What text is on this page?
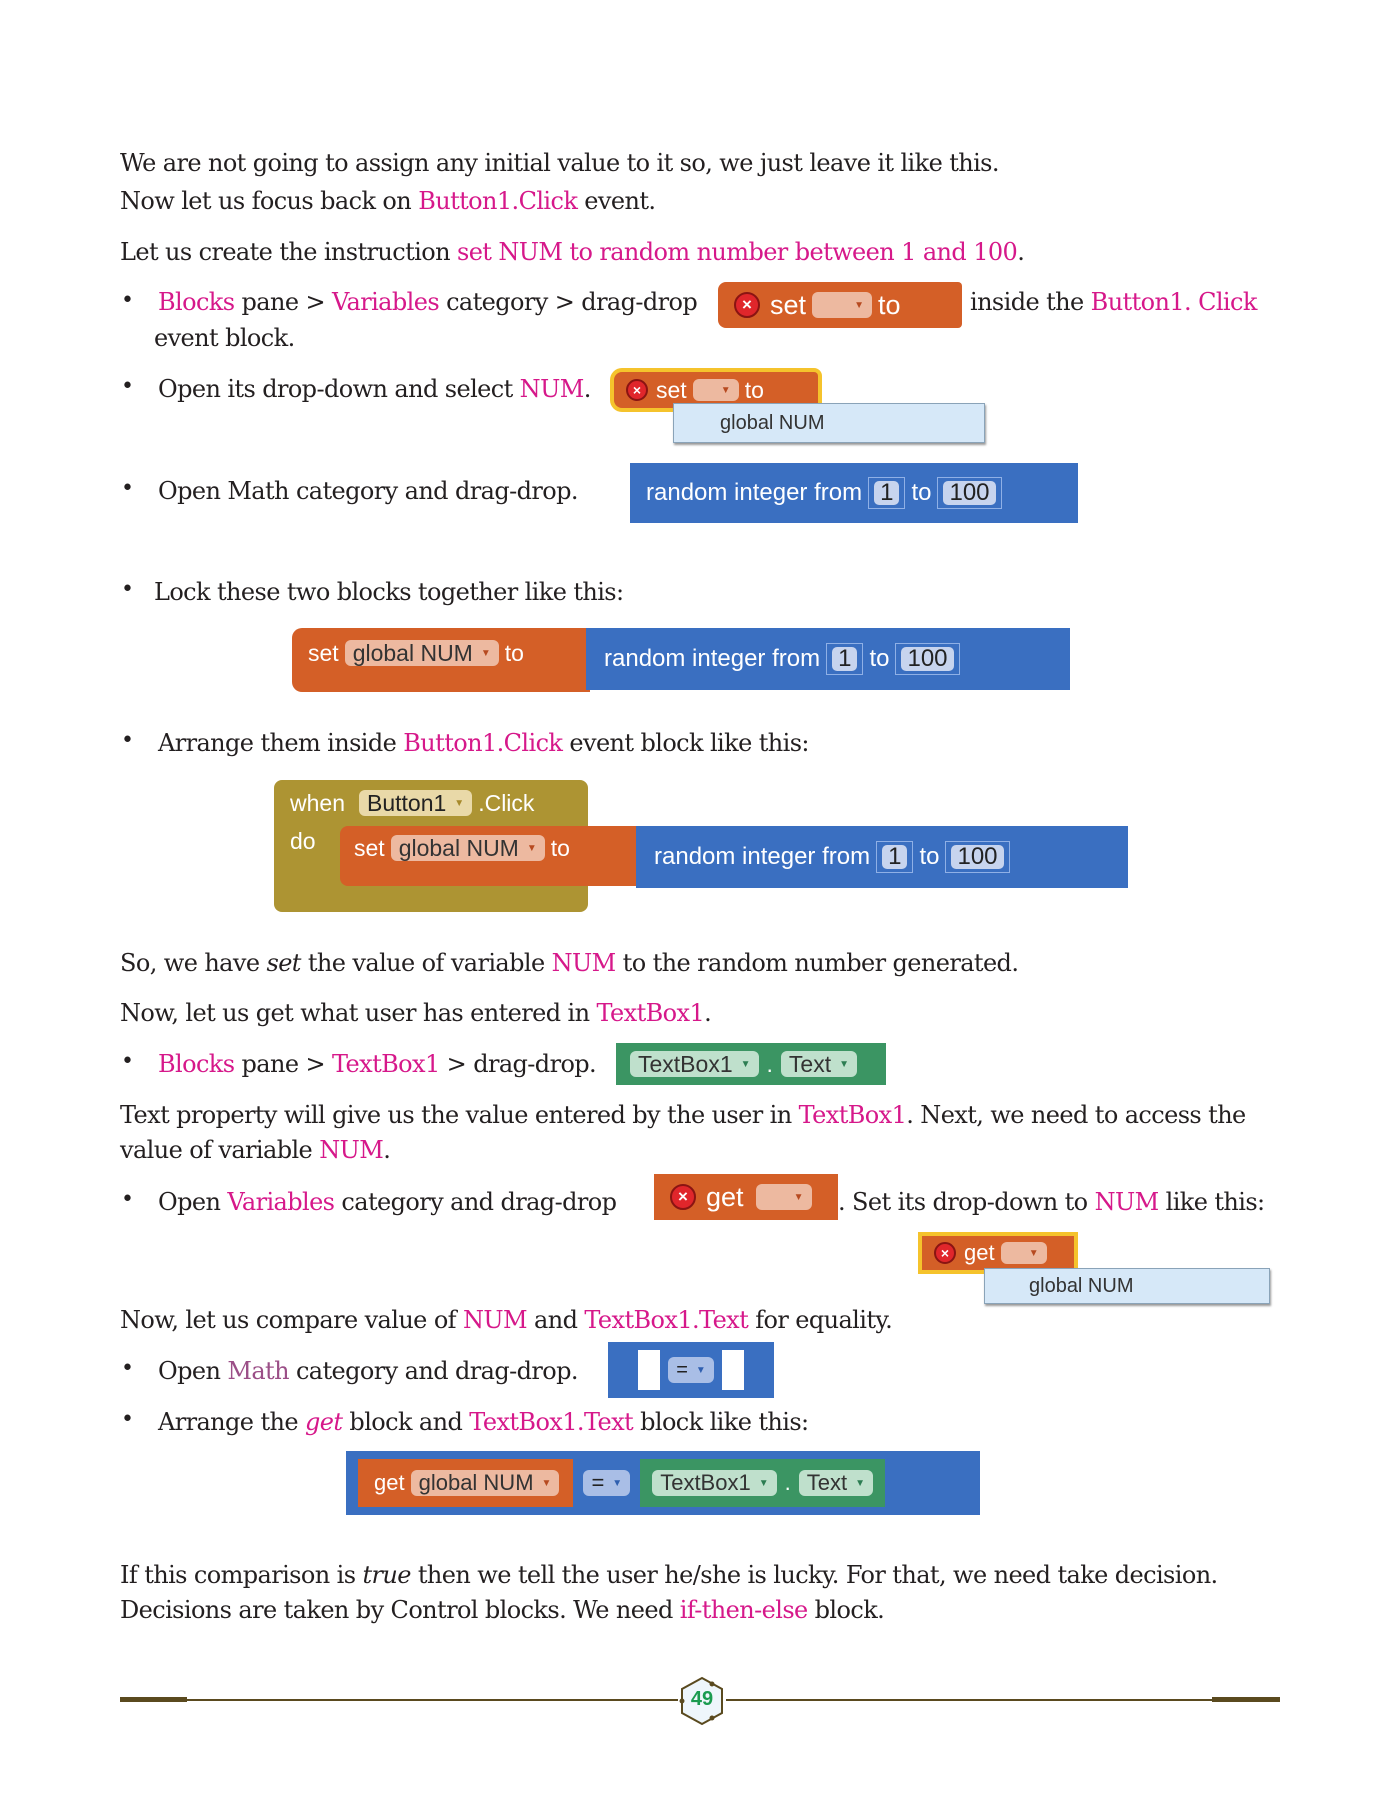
We are not going to assign any initial value to it so, we just leave it like this.
Now let us focus back on Button1.Click event.
Let us create the instruction set NUM to random number between 1 and 100.
• Blocks pane > Variables category > drag-drop	× set	▼ to	inside the Button1. Click
event block.
• Open its drop-down and select NUM.	× set	▼ to
global NUM
• Open Math category and drag-drop.	random integer from 1 to 100
• Lock these two blocks together like this:
set global NUM ▼ to	random integer from 1 to 100
• Arrange them inside Button1.Click event block like this:
when Button1 ▼ .Click
do set global NUM ▼ to	random integer from 1 to 100
So, we have set the value of variable NUM to the random number generated.
Now, let us get what user has entered in TextBox1.
• Blocks pane > TextBox1 > drag-drop. TextBox1 ▼ . Text ▼
Text property will give us the value entered by the user in TextBox1. Next, we need to access the
value of variable NUM.
• Open Variables category and drag-drop	× get	▼ . Set its drop-down to NUM like this:
× get	▼
global NUM
Now, let us compare value of NUM and TextBox1.Text for equality.
• Open Math category and drag-drop.	= ▼
• Arrange the get block and TextBox1.Text block like this:
get global NUM ▼ = ▼ TextBox1 ▼ . Text ▼
If this comparison is true then we tell the user he/she is lucky. For that, we need take decision.
Decisions are taken by Control blocks. We need if-then-else block.
49
